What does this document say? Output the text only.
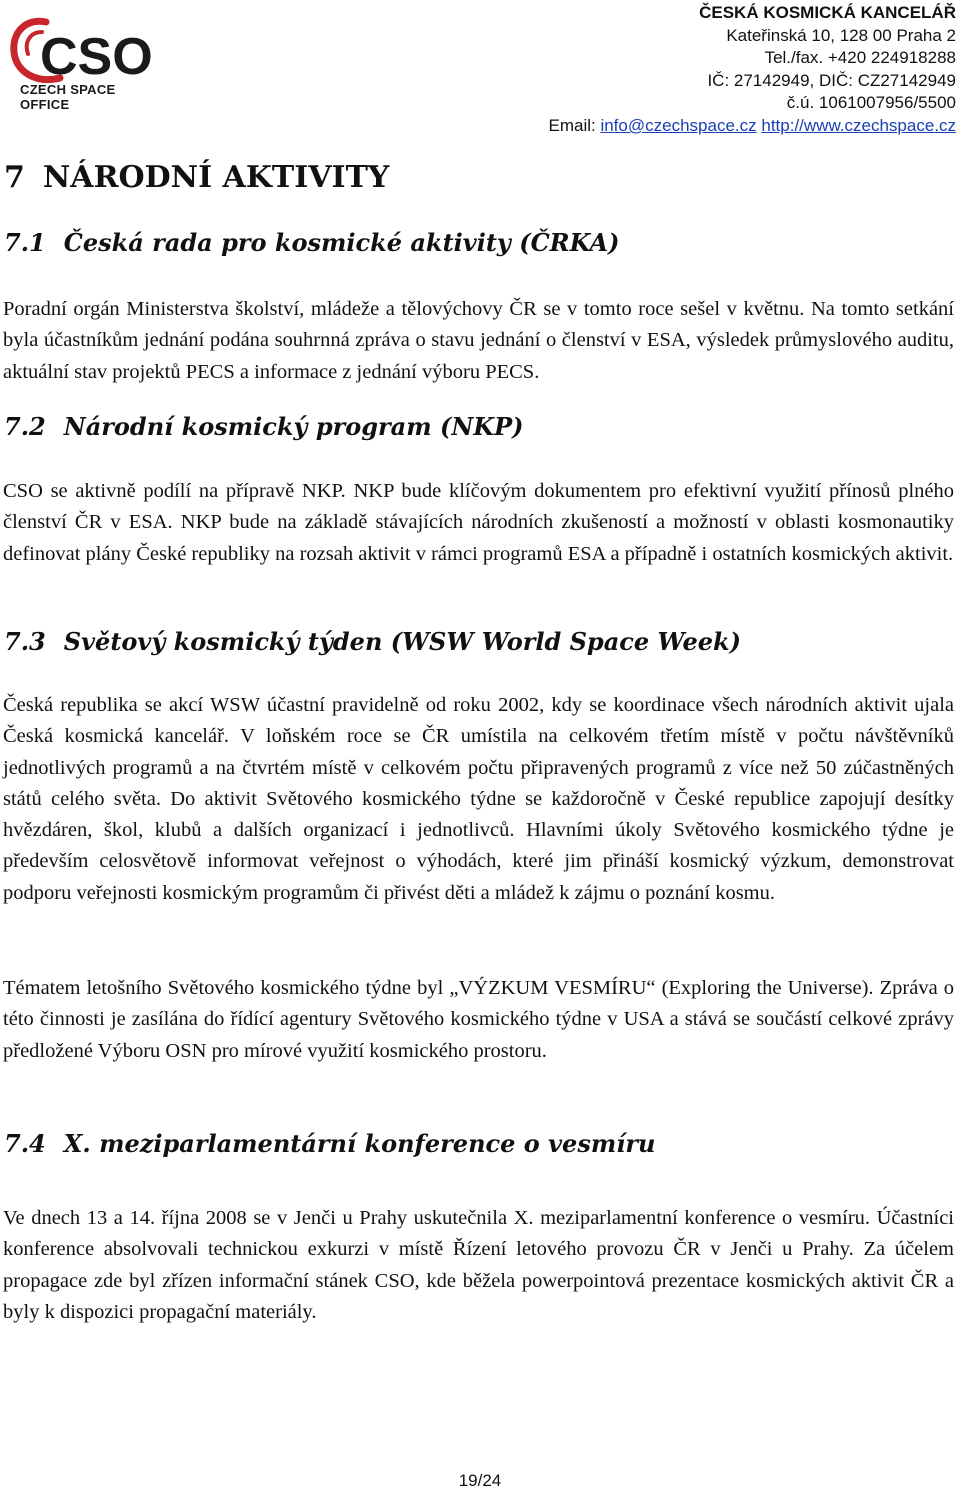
CSO
CZECH SPACE OFFICE
ČESKÁ KOSMICKÁ KANCELÁŘ
Kateřinská 10, 128 00 Praha 2
Tel./fax. +420 224918288
IČ: 27142949, DIČ: CZ27142949
č.ú. 1061007956/5500
Email: info@czechspace.cz http://www.czechspace.cz
7 NÁRODNÍ AKTIVITY
7.1 Česká rada pro kosmické aktivity (ČRKA)

Poradní orgán Ministerstva školství, mládeže a tělovýchovy ČR se v tomto roce sešel v květnu. Na tomto setkání byla účastníkům jednání podána souhrnná zpráva o stavu jednání o členství v ESA, výsledek průmyslového auditu, aktuální stav projektů PECS a informace z jednání výboru PECS.

7.2 Národní kosmický program (NKP)

CSO se aktivně podílí na přípravě NKP. NKP bude klíčovým dokumentem pro efektivní využití přínosů plného členství ČR v ESA. NKP bude na základě stávajících národních zkušeností a možností v oblasti kosmonautiky definovat plány České republiky na rozsah aktivit v rámci programů ESA a případně i ostatních kosmických aktivit.

7.3 Světový kosmický týden (WSW World Space Week)

Česká republika se akcí WSW účastní pravidelně od roku 2002, kdy se koordinace všech národních aktivit ujala Česká kosmická kancelář. V loňském roce se ČR umístila na celkovém třetím místě v počtu návštěvníků jednotlivých programů a na čtvrtém místě v celkovém počtu připravených programů z více než 50 zúčastněných států celého světa. Do aktivit Světového kosmického týdne se každoročně v České republice zapojují desítky hvězdáren, škol, klubů a dalších organizací i jednotlivců. Hlavními úkoly Světového kosmického týdne je především celosvětově informovat veřejnost o výhodách, které jim přináší kosmický výzkum, demonstrovat podporu veřejnosti kosmickým programům či přivést děti a mládež k zájmu o poznání kosmu.

Tématem letošního Světového kosmického týdne byl „VÝZKUM VESMÍRU“ (Exploring the Universe). Zpráva o této činnosti je zasílána do řídící agentury Světového kosmického týdne v USA a stává se součástí celkové zprávy předložené Výboru OSN pro mírové využití kosmického prostoru.

7.4 X. meziparlamentární konference o vesmíru

Ve dnech 13 a 14. října 2008 se v Jenči u Prahy uskutečnila X. meziparlamentní konference o vesmíru. Účastníci konference absolvovali technickou exkurzi v místě Řízení letového provozu ČR v Jenči u Prahy. Za účelem propagace zde byl zřízen informační stánek CSO, kde běžela powerpointová prezentace kosmických aktivit ČR a byly k dispozici propagační materiály.

19/24
